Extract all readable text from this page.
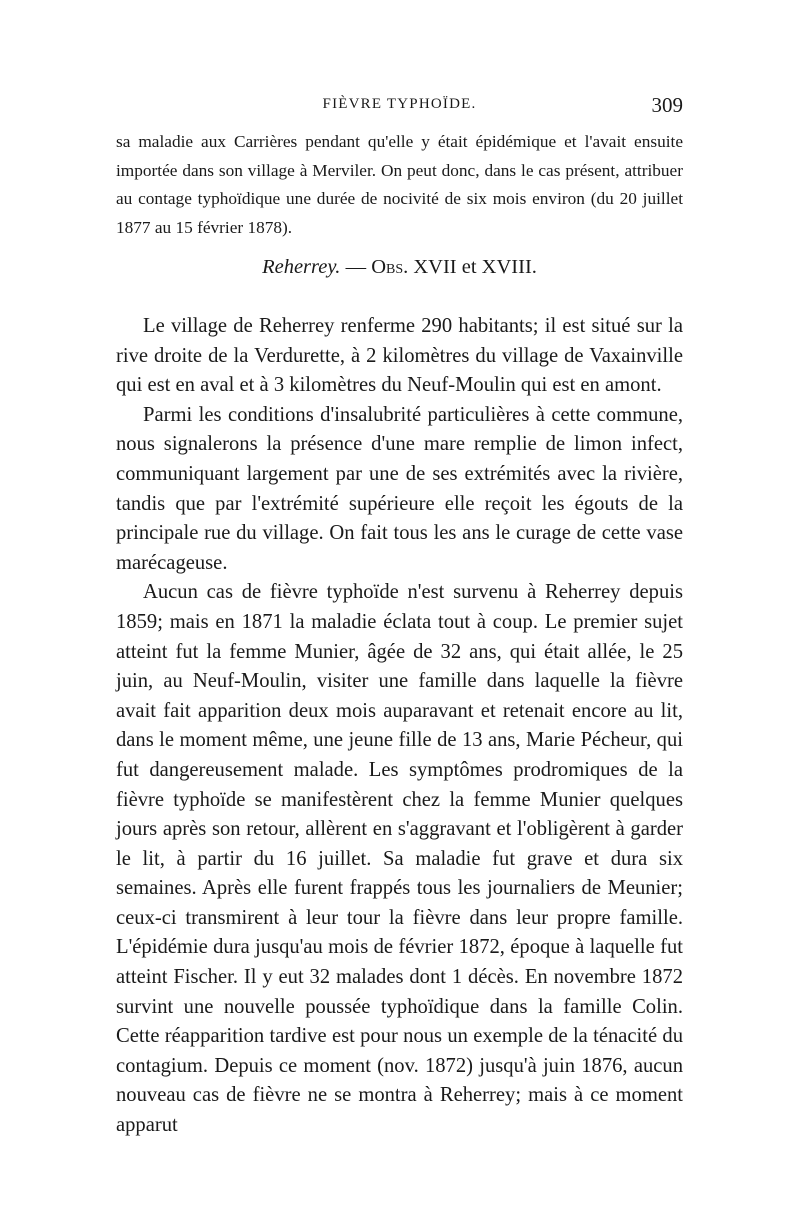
FIÈVRE TYPHOÏDE.	309
sa maladie aux Carrières pendant qu'elle y était épidémique et l'avait ensuite importée dans son village à Merviler. On peut donc, dans le cas présent, attribuer au contage typhoïdique une durée de nocivité de six mois environ (du 20 juillet 1877 au 15 février 1878).
Reherrey. — Obs. XVII et XVIII.

Le village de Reherrey renferme 290 habitants; il est situé sur la rive droite de la Verdurette, à 2 kilomètres du village de Vaxainville qui est en aval et à 3 kilomètres du Neuf-Moulin qui est en amont.

Parmi les conditions d'insalubrité particulières à cette commune, nous signalerons la présence d'une mare remplie de limon infect, communiquant largement par une de ses extrémités avec la rivière, tandis que par l'extrémité supérieure elle reçoit les égouts de la principale rue du village. On fait tous les ans le curage de cette vase marécageuse.

Aucun cas de fièvre typhoïde n'est survenu à Reherrey depuis 1859; mais en 1871 la maladie éclata tout à coup. Le premier sujet atteint fut la femme Munier, âgée de 32 ans, qui était allée, le 25 juin, au Neuf-Moulin, visiter une famille dans laquelle la fièvre avait fait apparition deux mois auparavant et retenait encore au lit, dans le moment même, une jeune fille de 13 ans, Marie Pécheur, qui fut dangereusement malade. Les symptômes prodromiques de la fièvre typhoïde se manifestèrent chez la femme Munier quelques jours après son retour, allèrent en s'aggravant et l'obligèrent à garder le lit, à partir du 16 juillet. Sa maladie fut grave et dura six semaines. Après elle furent frappés tous les journaliers de Meunier; ceux-ci transmirent à leur tour la fièvre dans leur propre famille. L'épidémie dura jusqu'au mois de février 1872, époque à laquelle fut atteint Fischer. Il y eut 32 malades dont 1 décès. En novembre 1872 survint une nouvelle poussée typhoïdique dans la famille Colin. Cette réapparition tardive est pour nous un exemple de la ténacité du contagium. Depuis ce moment (nov. 1872) jusqu'à juin 1876, aucun nouveau cas de fièvre ne se montra à Reherrey; mais à ce moment apparut
